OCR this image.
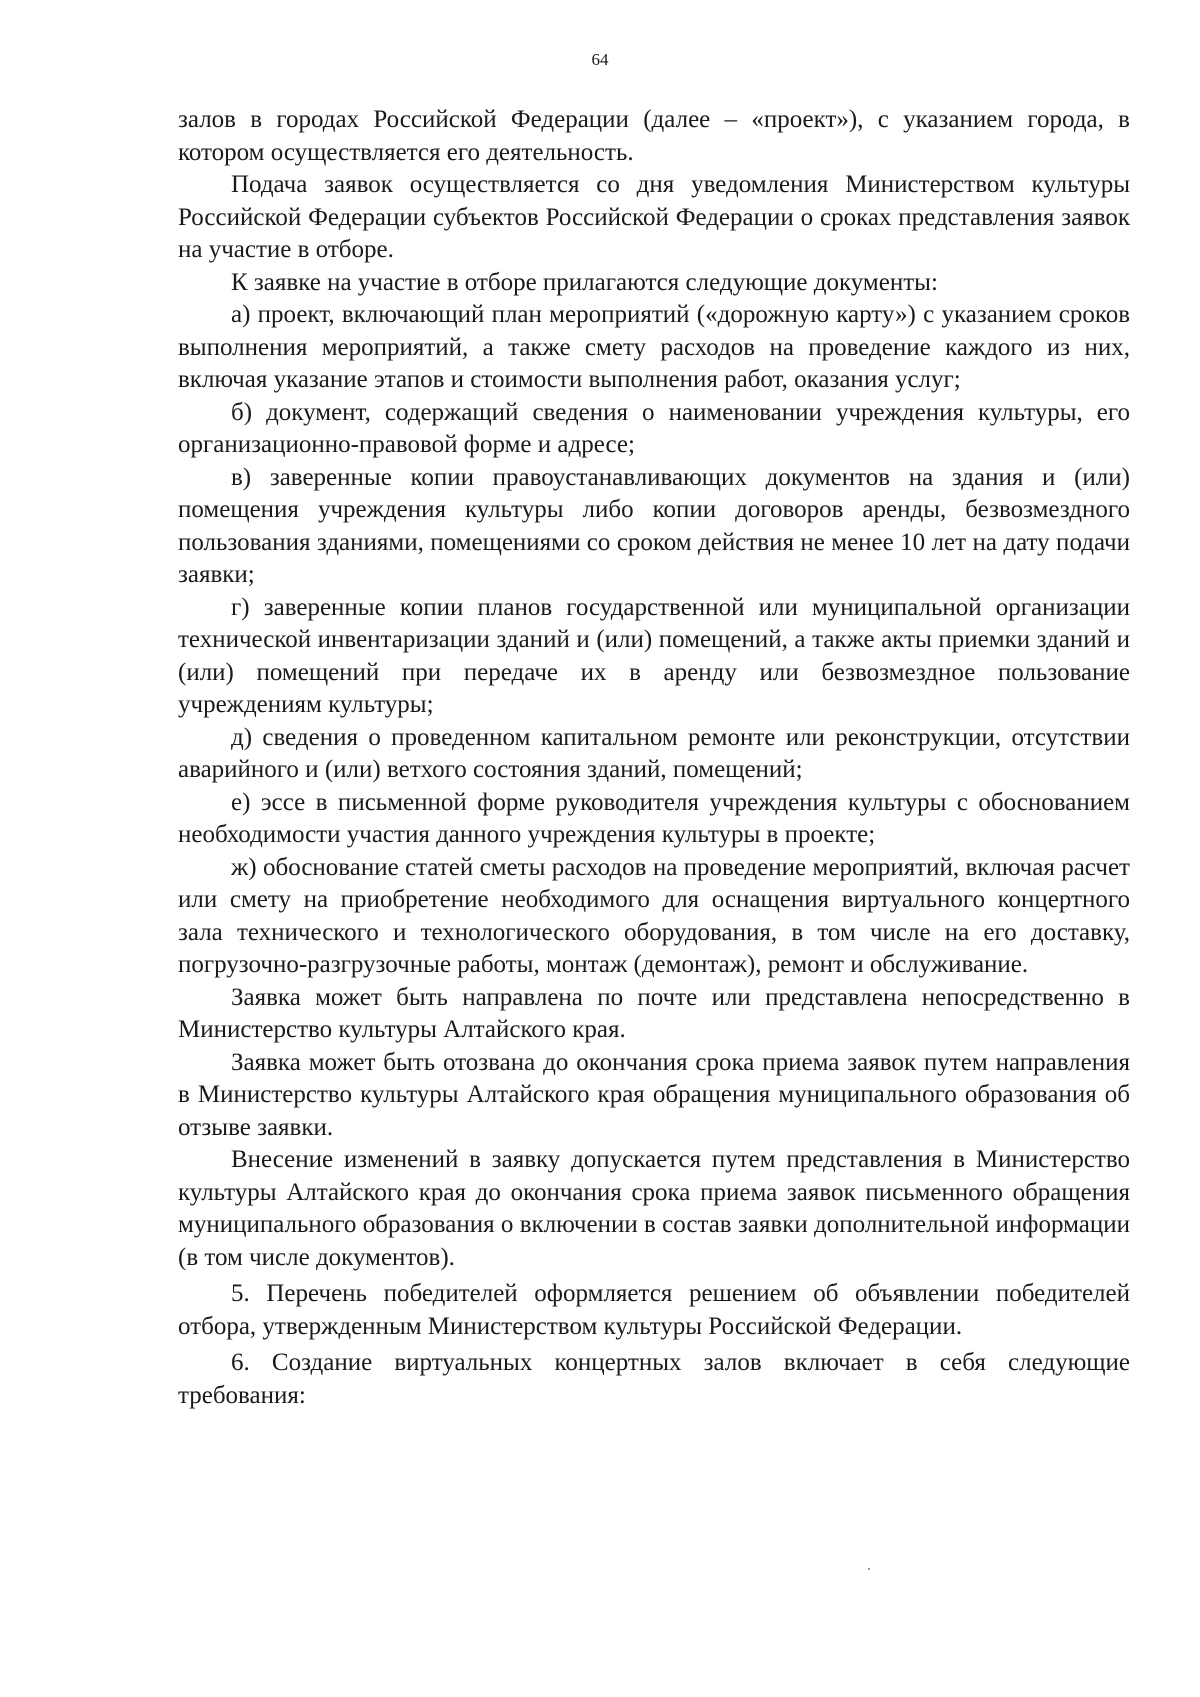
64

залов в городах Российской Федерации (далее – «проект»), с указанием города, в котором осуществляется его деятельность.

Подача заявок осуществляется со дня уведомления Министерством культуры Российской Федерации субъектов Российской Федерации о сроках представления заявок на участие в отборе.

К заявке на участие в отборе прилагаются следующие документы:

а) проект, включающий план мероприятий («дорожную карту») с указанием сроков выполнения мероприятий, а также смету расходов на проведение каждого из них, включая указание этапов и стоимости выполнения работ, оказания услуг;

б) документ, содержащий сведения о наименовании учреждения культуры, его организационно-правовой форме и адресе;

в) заверенные копии правоустанавливающих документов на здания и (или) помещения учреждения культуры либо копии договоров аренды, безвозмездного пользования зданиями, помещениями со сроком действия не менее 10 лет на дату подачи заявки;

г) заверенные копии планов государственной или муниципальной организации технической инвентаризации зданий и (или) помещений, а также акты приемки зданий и (или) помещений при передаче их в аренду или безвозмездное пользование учреждениям культуры;

д) сведения о проведенном капитальном ремонте или реконструкции, отсутствии аварийного и (или) ветхого состояния зданий, помещений;

е) эссе в письменной форме руководителя учреждения культуры с обоснованием необходимости участия данного учреждения культуры в проекте;

ж) обоснование статей сметы расходов на проведение мероприятий, включая расчет или смету на приобретение необходимого для оснащения виртуального концертного зала технического и технологического оборудования, в том числе на его доставку, погрузочно-разгрузочные работы, монтаж (демонтаж), ремонт и обслуживание.

Заявка может быть направлена по почте или представлена непосредственно в Министерство культуры Алтайского края.

Заявка может быть отозвана до окончания срока приема заявок путем направления в Министерство культуры Алтайского края обращения муниципального образования об отзыве заявки.

Внесение изменений в заявку допускается путем представления в Министерство культуры Алтайского края до окончания срока приема заявок письменного обращения муниципального образования о включении в состав заявки дополнительной информации (в том числе документов).

5. Перечень победителей оформляется решением об объявлении победителей отбора, утвержденным Министерством культуры Российской Федерации.

6. Создание виртуальных концертных залов включает в себя следующие требования:
